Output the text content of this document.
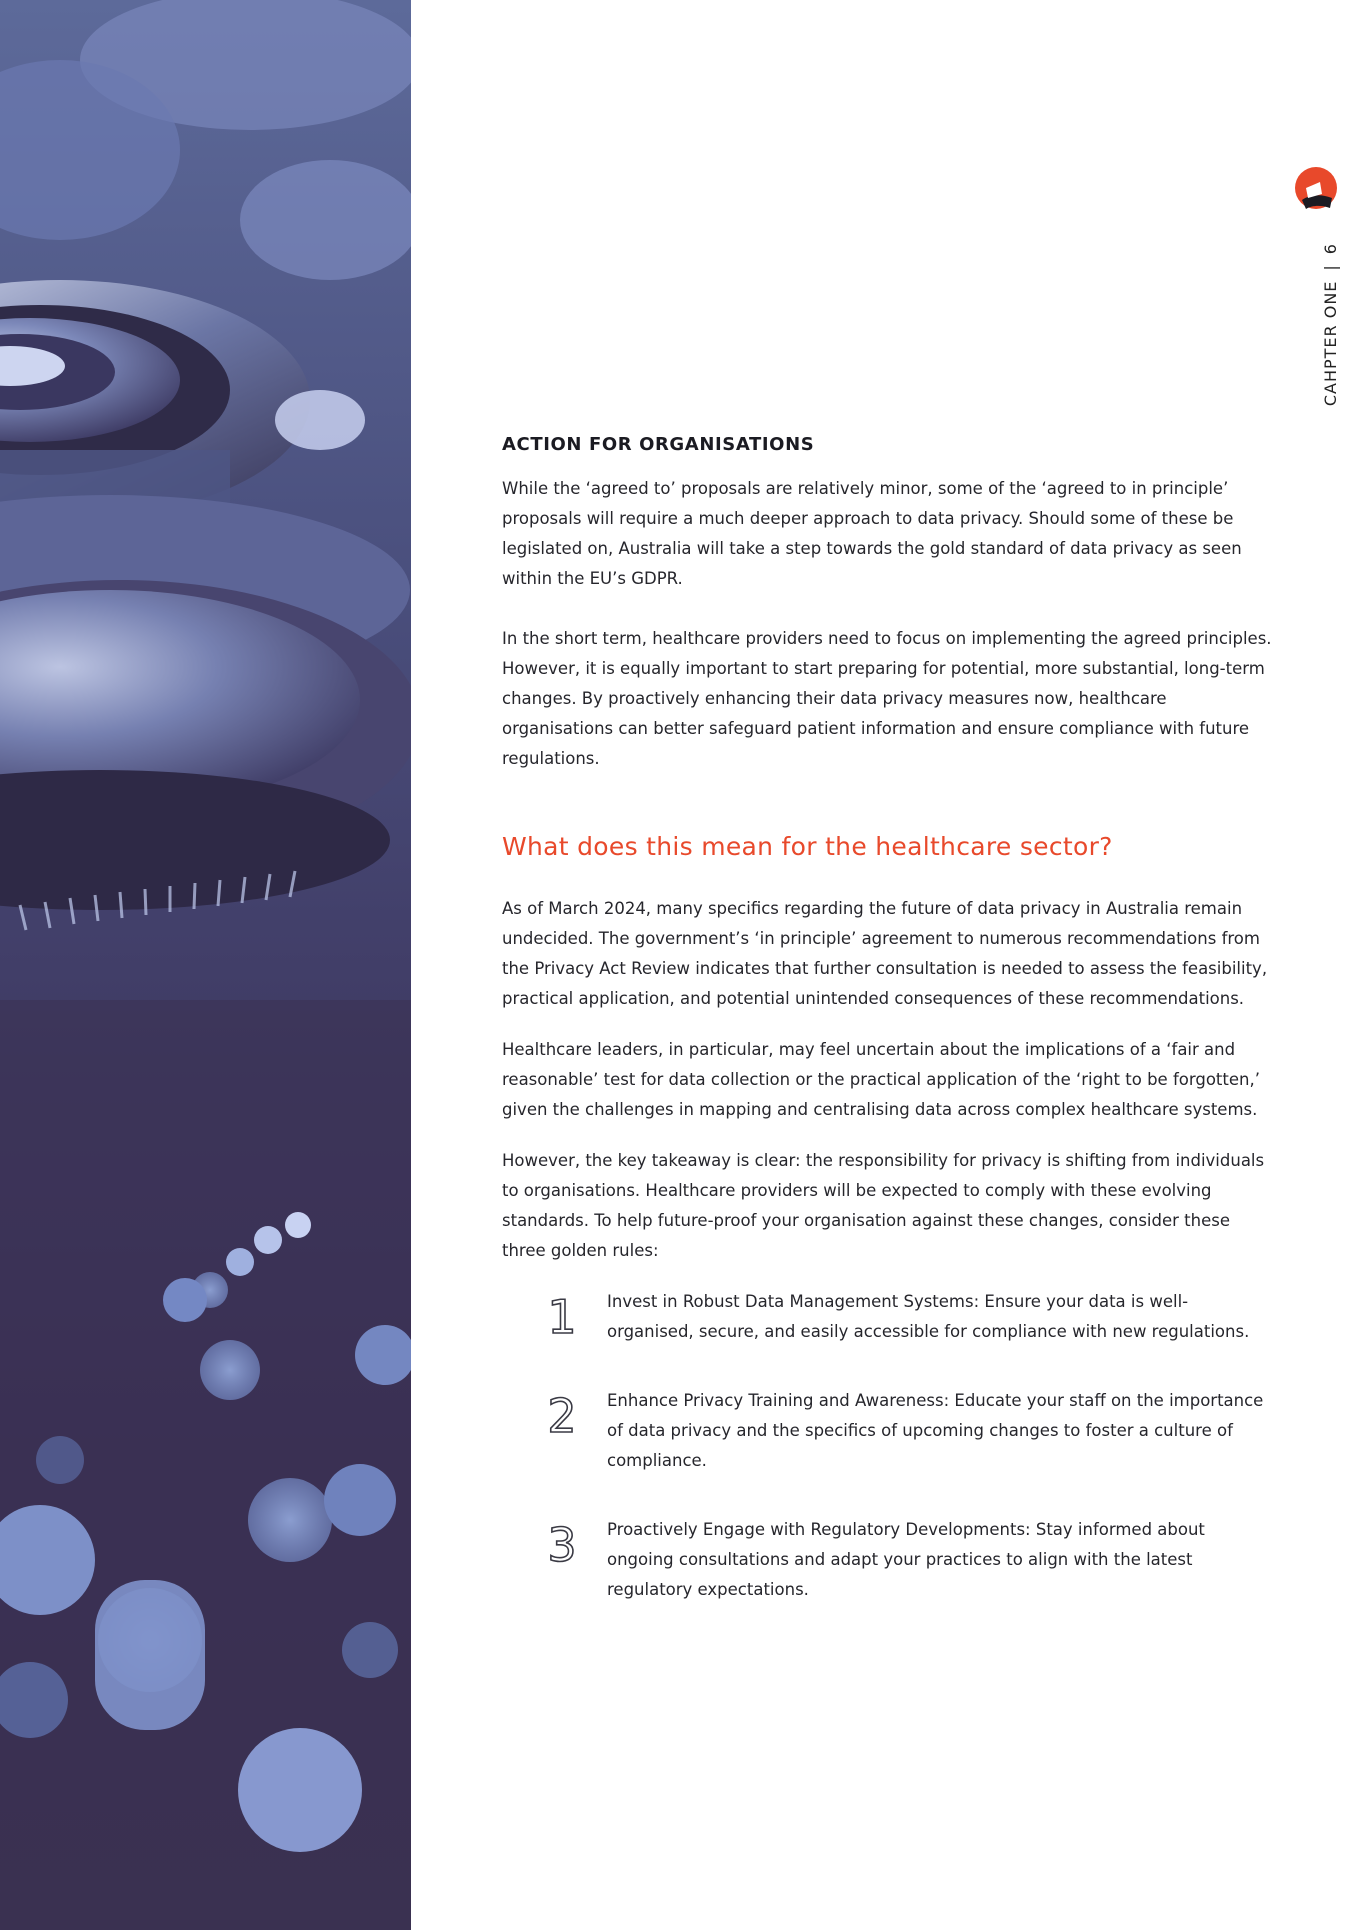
CAHPTER ONE|6
ACTION FOR ORGANISATIONS

While the ‘agreed to’ proposals are relatively minor, some of the ‘agreed to in principle’ proposals will require a much deeper approach to data privacy. Should some of these be legislated on, Australia will take a step towards the gold standard of data privacy as seen within the EU’s GDPR.

In the short term, healthcare providers need to focus on implementing the agreed principles. However, it is equally important to start preparing for potential, more substantial, long-term changes. By proactively enhancing their data privacy measures now, healthcare organisations can better safeguard patient information and ensure compliance with future regulations.

What does this mean for the healthcare sector?

As of March 2024, many specifics regarding the future of data privacy in Australia remain undecided. The government’s ‘in principle’ agreement to numerous recommendations from the Privacy Act Review indicates that further consultation is needed to assess the feasibility, practical application, and potential unintended consequences of these recommendations.

Healthcare leaders, in particular, may feel uncertain about the implications of a ‘fair and reasonable’ test for data collection or the practical application of the ‘right to be forgotten,’ given the challenges in mapping and centralising data across complex healthcare systems.

However, the key takeaway is clear: the responsibility for privacy is shifting from individuals to organisations. Healthcare providers will be expected to comply with these evolving standards. To help future-proof your organisation against these changes, consider these three golden rules:

1	Invest in Robust Data Management Systems: Ensure your data is well-organised, secure, and easily accessible for compliance with new regulations.

2	Enhance Privacy Training and Awareness: Educate your staff on the importance of data privacy and the specifics of upcoming changes to foster a culture of compliance.

3	Proactively Engage with Regulatory Developments: Stay informed about ongoing consultations and adapt your practices to align with the latest regulatory expectations.
